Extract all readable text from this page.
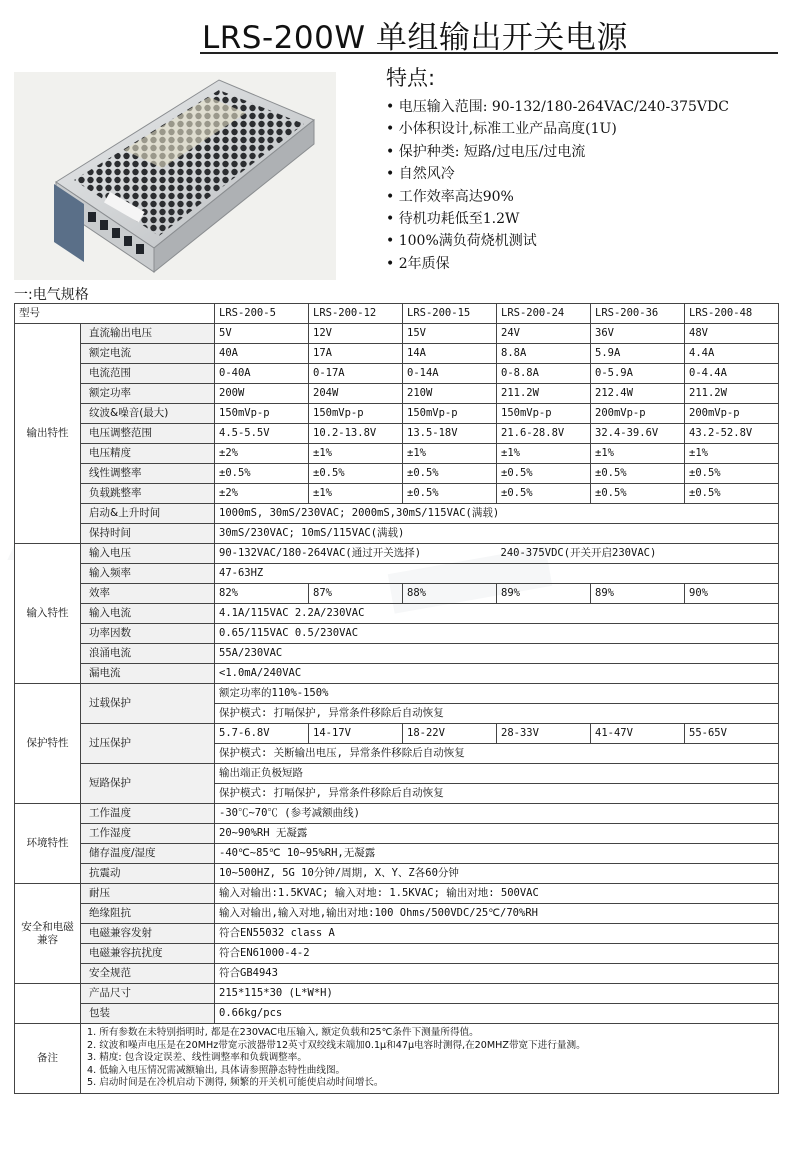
LRS-200W 单组输出开关电源
特点:
• 电压输入范围: 90-132/180-264VAC/240-375VDC
• 小体积设计,标准工业产品高度(1U)
• 保护种类: 短路/过电压/过电流
• 自然风冷
• 工作效率高达90%
• 待机功耗低至1.2W
• 100%满负荷烧机测试
• 2年质保
一:电气规格
型号		LRS-200-5	LRS-200-12	LRS-200-15	LRS-200-24	LRS-200-36	LRS-200-48
输出特性	直流输出电压	5V	12V	15V	24V	36V	48V
	额定电流	40A	17A	14A	8.8A	5.9A	4.4A
	电流范围	0-40A	0-17A	0-14A	0-8.8A	0-5.9A	0-4.4A
	额定功率	200W	204W	210W	211.2W	212.4W	211.2W
	纹波&噪音(最大)	150mVp-p	150mVp-p	150mVp-p	150mVp-p	200mVp-p	200mVp-p
	电压调整范围	4.5-5.5V	10.2-13.8V	13.5-18V	21.6-28.8V	32.4-39.6V	43.2-52.8V
	电压精度	±2%	±1%	±1%	±1%	±1%	±1%
	线性调整率	±0.5%	±0.5%	±0.5%	±0.5%	±0.5%	±0.5%
	负载跳整率	±2%	±1%	±0.5%	±0.5%	±0.5%	±0.5%
	启动&上升时间	1000mS, 30mS/230VAC; 2000mS,30mS/115VAC(满载)					
	保持时间	30mS/230VAC; 10mS/115VAC(满载)					
输入特性	输入电压	90-132VAC/180-264VAC(通过开关选择)			240-375VDC(开关开启230VAC)		
	输入频率	47-63HZ					
	效率	82%	87%	88%	89%	89%	90%
	输入电流	4.1A/115VAC 2.2A/230VAC					
	功率因数	0.65/115VAC 0.5/230VAC					
	浪涌电流	55A/230VAC					
	漏电流	<1.0mA/240VAC					
保护特性	过载保护	额定功率的110%-150%					
		保护模式: 打嗝保护, 异常条件移除后自动恢复					
	过压保护	5.7-6.8V	14-17V	18-22V	28-33V	41-47V	55-65V
		保护模式: 关断输出电压, 异常条件移除后自动恢复					
	短路保护	输出端正负极短路					
		保护模式: 打嗝保护, 异常条件移除后自动恢复					
环境特性	工作温度	-30℃~70℃ (参考减额曲线)					
	工作湿度	20~90%RH 无凝露					
	储存温度/湿度	-40℃~85℃ 10~95%RH,无凝露					
	抗震动	10~500HZ, 5G 10分钟/周期, X、Y、Z各60分钟					
安全和电磁兼容	耐压	输入对输出:1.5KVAC; 输入对地: 1.5KVAC; 输出对地: 500VAC					
	绝缘阻抗	输入对输出,输入对地,输出对地:100 Ohms/500VDC/25℃/70%RH					
	电磁兼容发射	符合EN55032 class A					
	电磁兼容抗扰度	符合EN61000-4-2					
	安全规范	符合GB4943					
	产品尺寸	215*115*30 (L*W*H)					
	包装	0.66kg/pcs					
备注	1. 所有参数在未特别指明时, 都是在230VAC电压输入, 额定负载和25℃条件下测量所得值。
2. 纹波和噪声电压是在20MHz带宽示波器带12英寸双绞线末端加0.1μ和47μ电容时测得,在20MHZ带宽下进行量测。
3. 精度: 包含设定误差、线性调整率和负载调整率。
4. 低输入电压情况需减额输出, 具体请参照静态特性曲线图。
5. 启动时间是在冷机启动下测得, 频繁的开关机可能使启动时间增长。						
